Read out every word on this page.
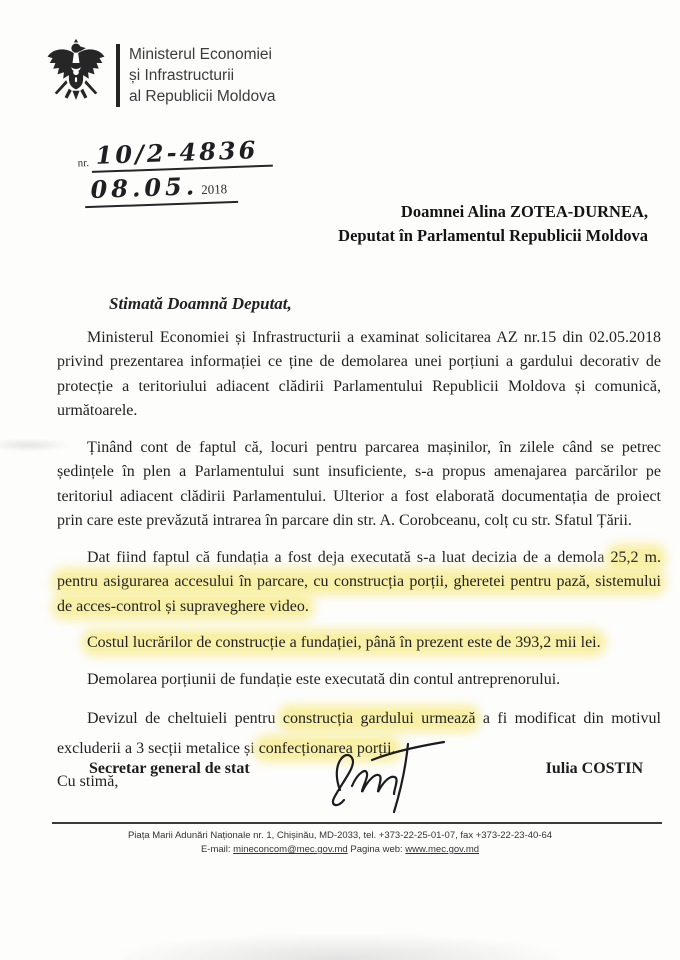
Ministerul Economiei
și Infrastructurii
al Republicii Moldova
nr. 10/2-4836
08.05. 2018
Doamnei Alina ZOTEA-DURNEA,
Deputat în Parlamentul Republicii Moldova
Stimată Doamnă Deputat,

Ministerul Economiei și Infrastructurii a examinat solicitarea AZ nr.15 din 02.05.2018 privind prezentarea informației ce ține de demolarea unei porțiuni a gardului decorativ de protecție a teritoriului adiacent clădirii Parlamentului Republicii Moldova și comunică, următoarele.

Ținând cont de faptul că, locuri pentru parcarea mașinilor, în zilele când se petrec ședințele în plen a Parlamentului sunt insuficiente, s-a propus amenajarea parcărilor pe teritoriul adiacent clădirii Parlamentului. Ulterior a fost elaborată documentația de proiect prin care este prevăzută intrarea în parcare din str. A. Corobceanu, colț cu str. Sfatul Țării.

Dat fiind faptul că fundația a fost deja executată s-a luat decizia de a demola 25,2 m. pentru asigurarea accesului în parcare, cu construcția porții, gheretei pentru pază, sistemului de acces-control și supraveghere video.

Costul lucrărilor de construcție a fundației, până în prezent este de 393,2 mii lei.

Demolarea porțiunii de fundație este executată din contul antreprenorului.

Devizul de cheltuieli pentru construcția gardului urmează a fi modificat din motivul excluderii a 3 secții metalice și confecționarea porții.

Cu stimă,

Secretar general de stat	Iulia COSTIN
Piața Marii Adunări Naționale nr. 1, Chișinău, MD-2033, tel. +373-22-25-01-07, fax +373-22-23-40-64
E-mail: mineconcom@mec.gov.md Pagina web: www.mec.gov.md
